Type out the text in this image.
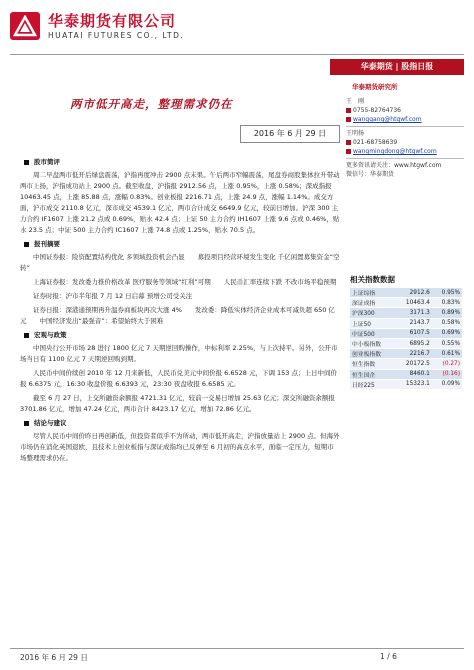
华泰期货有限公司
HUATAI FUTURES CO., LTD.
华泰期货 | 股指日报
两市低开高走，整理需求仍在
2016 年 6 月 29 日
华泰期货研究所
王　刚
0755-82764736
wanggang@htgwf.com
王明扬
021-68758639
wangmingdong@htgwf.com
更多资讯请关注：www.htgwf.com
微信号：华泰期货
相关指数数据
上证综指	2912.6	0.95%
深证成指	10463.4	0.83%
沪深300	3171.3	0.89%
上证50	2143.7	0.58%
中证500	6107.5	0.69%
中小板指数	6895.2	0.55%
创业板指数	2216.7	0.61%
恒生指数	20172.5	(0.27)
恒生国企	8460.1	(0.16)
日经225	15323.1	0.09%
股市简评
周二早盘两市低开后绿盘震荡，沪指再度冲击 2900 点未果。午后两市窄幅震荡，尾盘券商股集体拉升带动两市上扬，沪指成功站上 2900 点。截至收盘，沪指报 2912.56 点，上涨 0.95%，上涨 0.58%；深成指报 10463.45 点，上涨 85.88 点，涨幅 0.83%。创业板报 2216.71 点，上涨 24.9 点，涨幅 1.14%。成交方面，沪市成交 2110.8 亿元，深市成交 4539.1 亿元，两市合计成交 6649.9 亿元，较前日增加。沪深 300 主力合约 IF1607 上涨 21.2 点或 0.69%，贴水 42.4 点；上证 50 主力合约 IH1607 上涨 9.6 点或 0.46%，贴水 23.5 点；中证 500 主力合约 IC1607 上涨 74.8 点或 1.25%，贴水 70.5 点。
报刊摘要
中国证券报：险资配置结构优化 多领域投资机会凸显　　募投项目经营环境发生变化 千亿闲置募集资金“空转”
上海证券报：发改委力推价格改革 医疗服务等领域“红利”可期　　人民币汇率连续下跌 不改市场平稳预期
证券时报：沪市半年报 7 月 12 日启幕 预增公司受关注
证券日报：深港通预期再升温券商板块再次大涨 4%　　发改委：降低实体经济企业成本可减负超 650 亿元　　中国经济发出“最强音”：希望始终大于困难
宏观与政策
中国央行公开市场 28 进行 1800 亿元 7 天期逆回购操作，中标利率 2.25%，与上次持平。另外，公开市场当日有 1100 亿元 7 天期逆回购到期。
人民币中间价续创 2010 年 12 月来新低，人民币兑美元中间价报 6.6528 元，下调 153 点；上日中间价报 6.6375 元，16:30 收盘价报 6.6393 元，23:30 夜盘收报 6.6585 元。
截至 6 月 27 日，上交所融资余额报 4721.31 亿元，较前一交易日增加 25.63 亿元；深交所融资余额报 3701.86 亿元，增加 47.24 亿元，两市合计 8423.17 亿元，增加 72.86 亿元。
结论与建议
尽管人民币中间价昨日再创新低，但投资者似乎不为所动，两市低开高走，沪指放量站上 2900 点。但海外市场仍在消化英国退欧，且技术上创业板指与深证成指均已反弹至 6 月初的高点水平，面临一定压力，短期市场整理需求仍在。
2016 年 6 月 29 日	1 / 6
